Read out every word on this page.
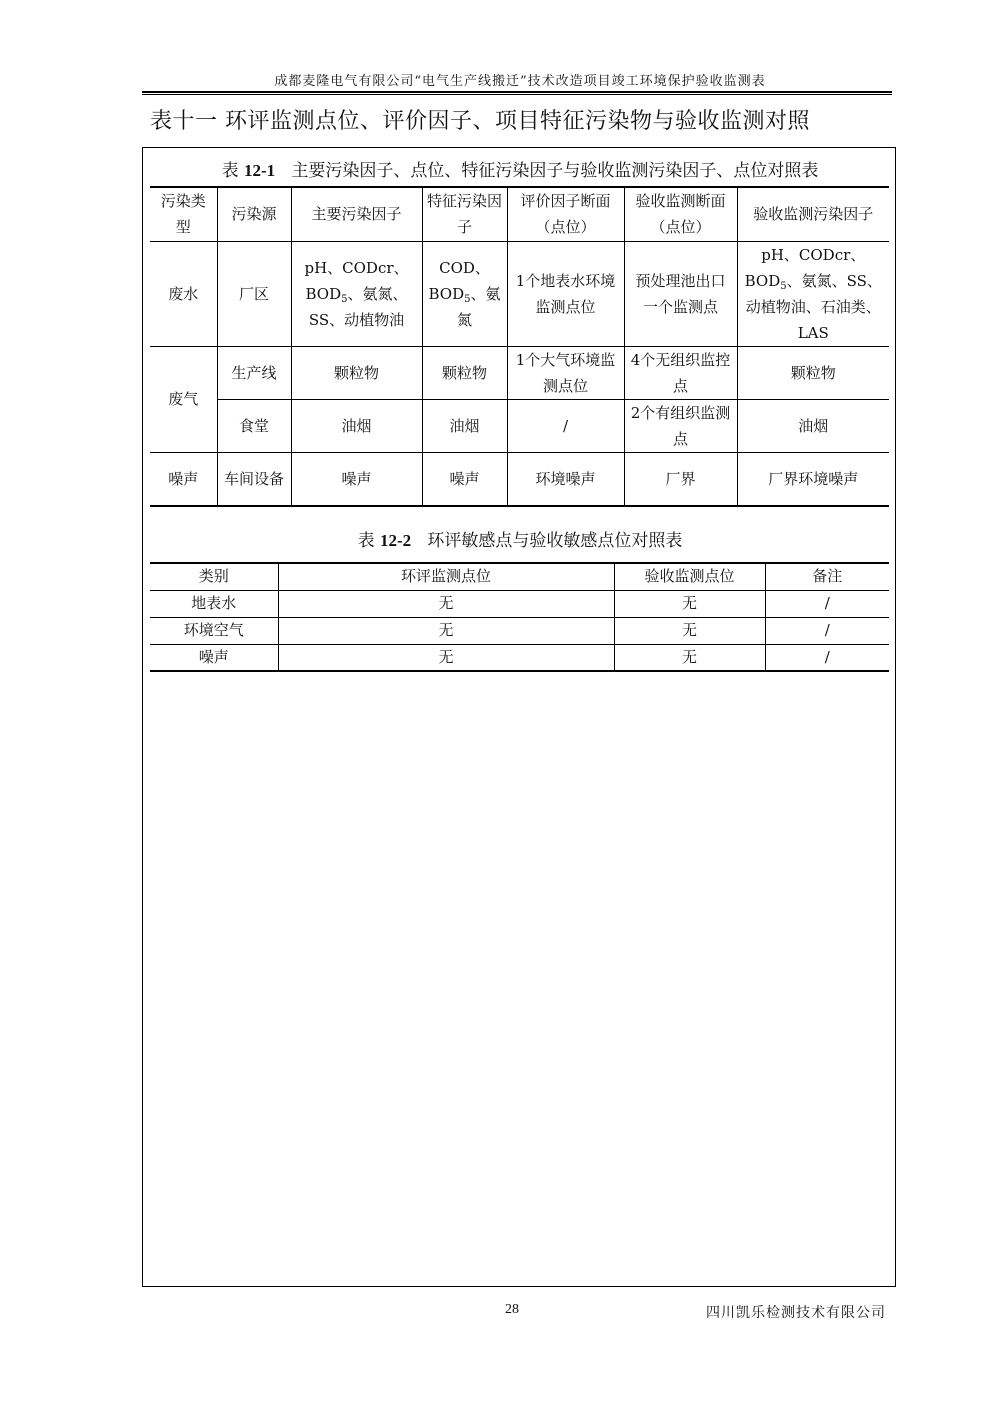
成都麦隆电气有限公司“电气生产线搬迁”技术改造项目竣工环境保护验收监测表
表十一 环评监测点位、评价因子、项目特征污染物与验收监测对照
表 12-1 主要污染因子、点位、特征污染因子与验收监测污染因子、点位对照表
污染类型	污染源	主要污染因子	特征污染因子	评价因子断面（点位）	验收监测断面（点位）	验收监测污染因子
废水	厂区	pH、CODcr、$BOD_5$、氨氮、SS、动植物油	COD、$BOD_5$、氨氮	1个地表水环境监测点位	预处理池出口一个监测点	pH、CODcr、$BOD_5$、氨氮、SS、动植物油、石油类、LAS
废气	生产线	颗粒物	颗粒物	1个大气环境监测点位	4个无组织监控点	颗粒物
	食堂	油烟	油烟	/	2个有组织监测点	油烟
噪声	车间设备	噪声	噪声	环境噪声	厂界	厂界环境噪声
表 12-2 环评敏感点与验收敏感点位对照表
类别	环评监测点位	验收监测点位	备注
地表水	无	无	/
环境空气	无	无	/
噪声	无	无	/
28	四川凯乐检测技术有限公司
